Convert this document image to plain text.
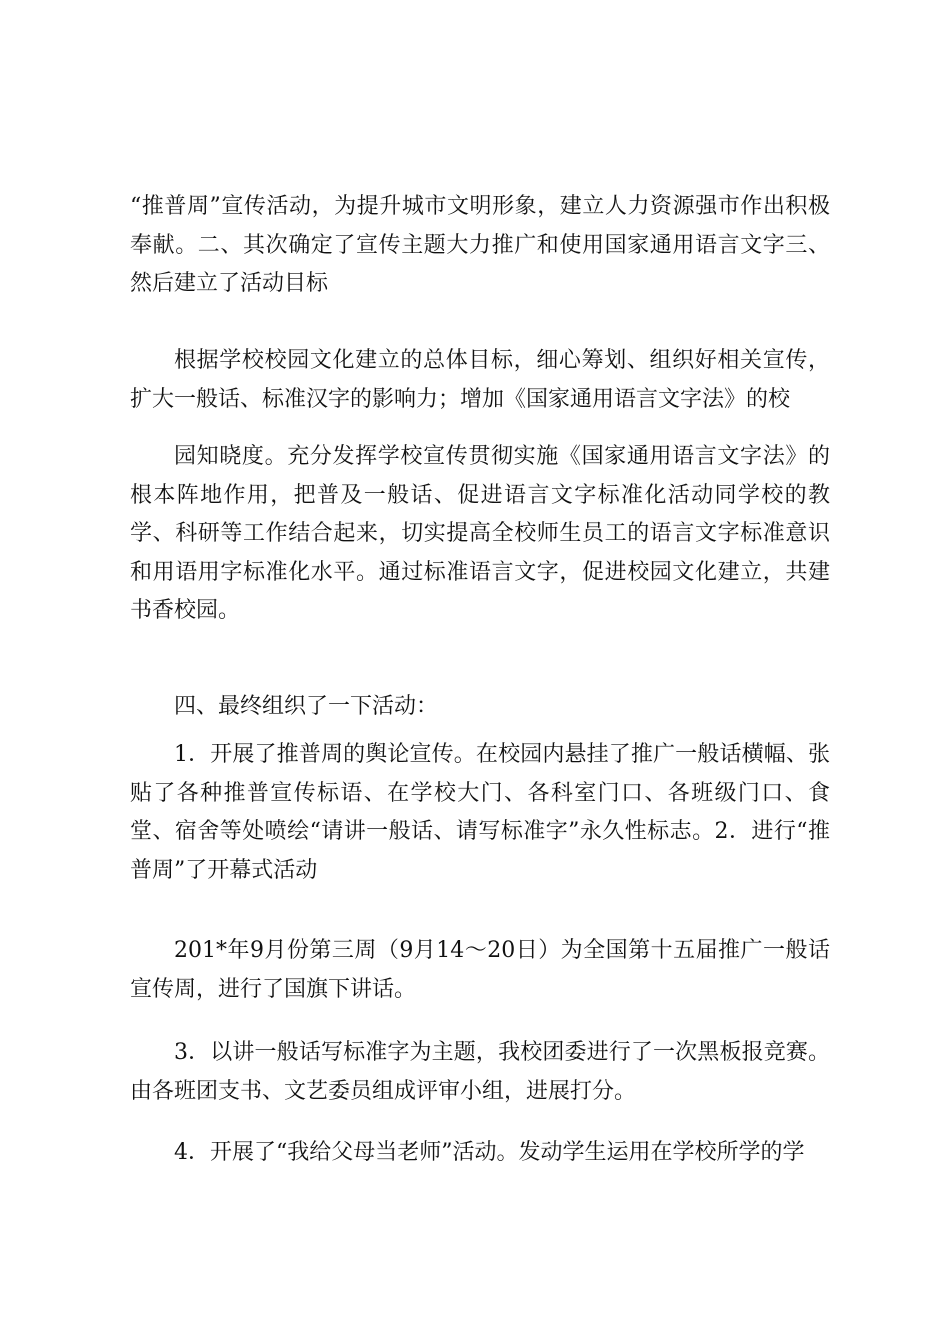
“推普周”宣传活动，为提升城市文明形象，建立人力资源强市作出积极奉献。二、其次确定了宣传主题大力推广和使用国家通用语言文字三、然后建立了活动目标

根据学校校园文化建立的总体目标，细心筹划、组织好相关宣传，扩大一般话、标准汉字的影响力；增加《国家通用语言文字法》的校

园知晓度。充分发挥学校宣传贯彻实施《国家通用语言文字法》的根本阵地作用，把普及一般话、促进语言文字标准化活动同学校的教学、科研等工作结合起来，切实提高全校师生员工的语言文字标准意识和用语用字标准化水平。通过标准语言文字，促进校园文化建立，共建书香校园。

四、最终组织了一下活动：

1．开展了推普周的舆论宣传。在校园内悬挂了推广一般话横幅、张贴了各种推普宣传标语、在学校大门、各科室门口、各班级门口、食堂、宿舍等处喷绘“请讲一般话、请写标准字”永久性标志。2．进行“推普周”了开幕式活动

201*年9月份第三周（9月14～20日）为全国第十五届推广一般话宣传周，进行了国旗下讲话。

3．以讲一般话写标准字为主题，我校团委进行了一次黑板报竞赛。由各班团支书、文艺委员组成评审小组，进展打分。

4．开展了“我给父母当老师”活动。发动学生运用在学校所学的学
